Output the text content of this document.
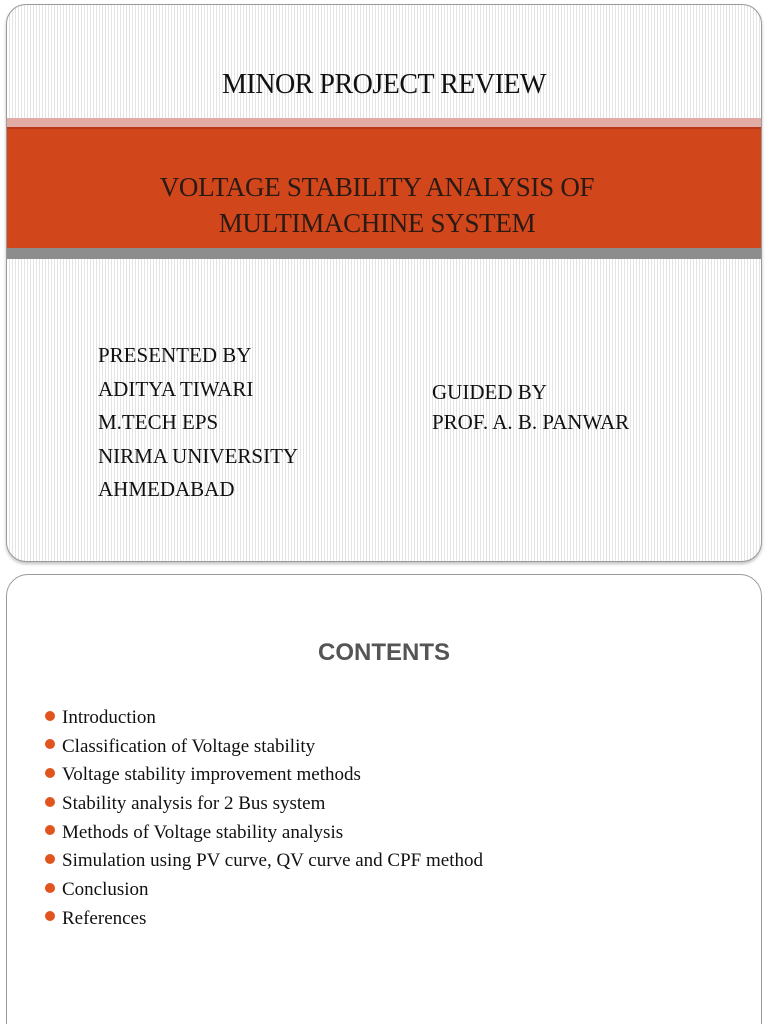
MINOR PROJECT REVIEW
VOLTAGE STABILITY ANALYSIS OF
MULTIMACHINE SYSTEM
PRESENTED BY
ADITYA TIWARI
M.TECH EPS
NIRMA UNIVERSITY
AHMEDABAD
GUIDED BY
PROF. A. B. PANWAR
CONTENTS
Introduction
Classification of Voltage stability
Voltage stability improvement methods
Stability analysis for 2 Bus system
Methods of Voltage stability analysis
Simulation using PV curve, QV curve and CPF method
Conclusion
References
